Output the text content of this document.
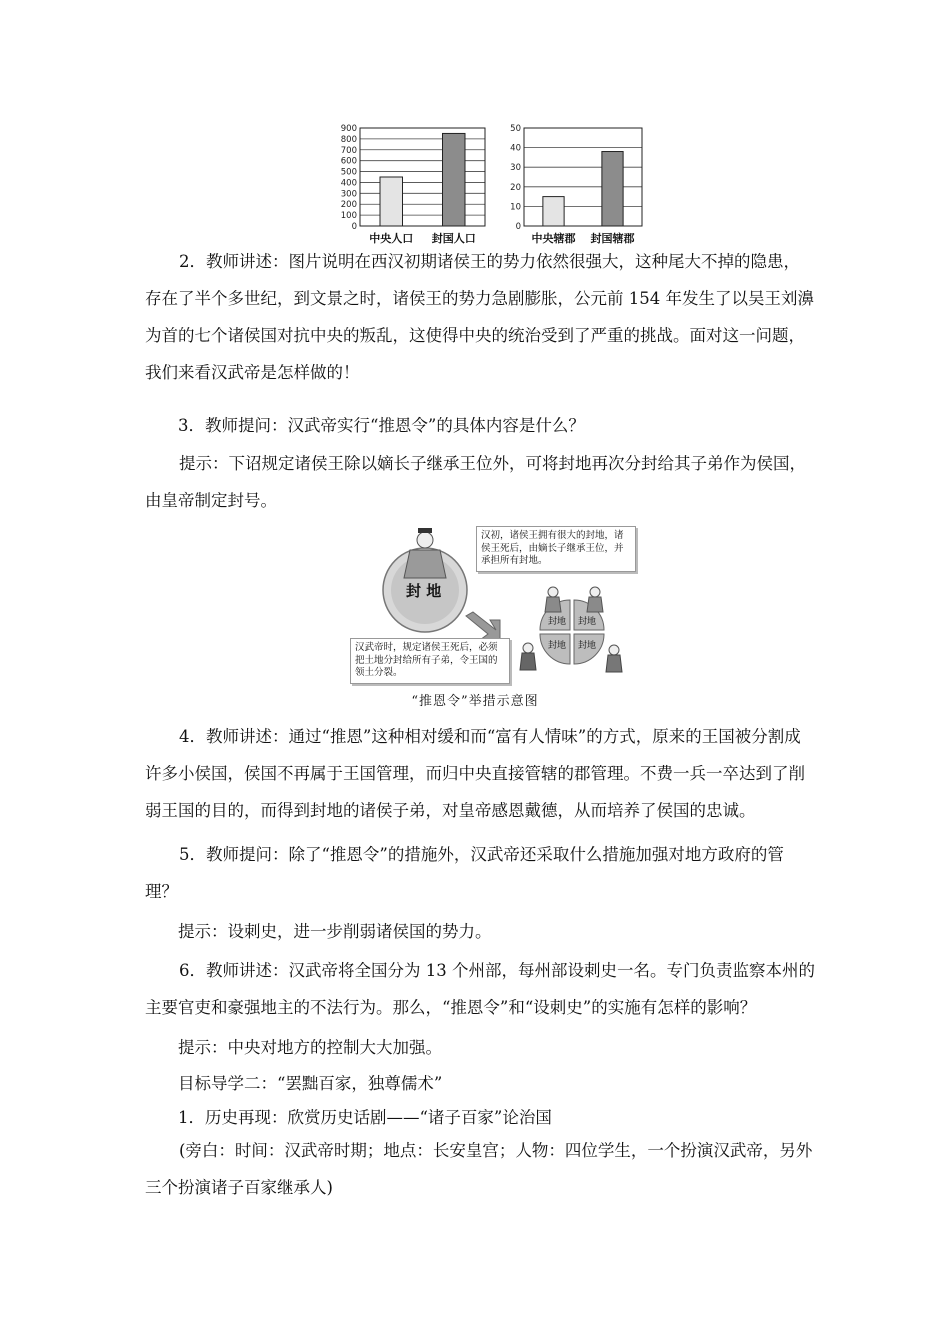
0
100
200
300
400
500
600
700
800
900
中央人口 封国人口
0
10
20
30
40
50
中央辖郡 封国辖郡
2．教师讲述：图片说明在西汉初期诸侯王的势力依然很强大，这种尾大不掉的隐患，存在了半个多世纪，到文景之时，诸侯王的势力急剧膨胀，公元前 154 年发生了以吴王刘濞为首的七个诸侯国对抗中央的叛乱，这使得中央的统治受到了严重的挑战。面对这一问题，我们来看汉武帝是怎样做的！
3．教师提问：汉武帝实行“推恩令”的具体内容是什么？
提示：下诏规定诸侯王除以嫡长子继承王位外，可将封地再次分封给其子弟作为侯国，由皇帝制定封号。
封 地
封地 封地
封地 封地
汉初，诸侯王拥有很大的封地，诸侯王死后，由嫡长子继承王位，并承担所有封地。
汉武帝时，规定诸侯王死后，必须把土地分封给所有子弟，令王国的领土分裂。
“推恩令”举措示意图
4．教师讲述：通过“推恩”这种相对缓和而“富有人情味”的方式，原来的王国被分割成许多小侯国，侯国不再属于王国管理，而归中央直接管辖的郡管理。不费一兵一卒达到了削弱王国的目的，而得到封地的诸侯子弟，对皇帝感恩戴德，从而培养了侯国的忠诚。
5．教师提问：除了“推恩令”的措施外，汉武帝还采取什么措施加强对地方政府的管理？
提示：设刺史，进一步削弱诸侯国的势力。
6．教师讲述：汉武帝将全国分为 13 个州部，每州部设刺史一名。专门负责监察本州的主要官吏和豪强地主的不法行为。那么，“推恩令”和“设刺史”的实施有怎样的影响？
提示：中央对地方的控制大大加强。
目标导学二：“罢黜百家，独尊儒术”
1．历史再现：欣赏历史话剧——“诸子百家”论治国
(旁白：时间：汉武帝时期；地点：长安皇宫；人物：四位学生，一个扮演汉武帝，另外三个扮演诸子百家继承人)
